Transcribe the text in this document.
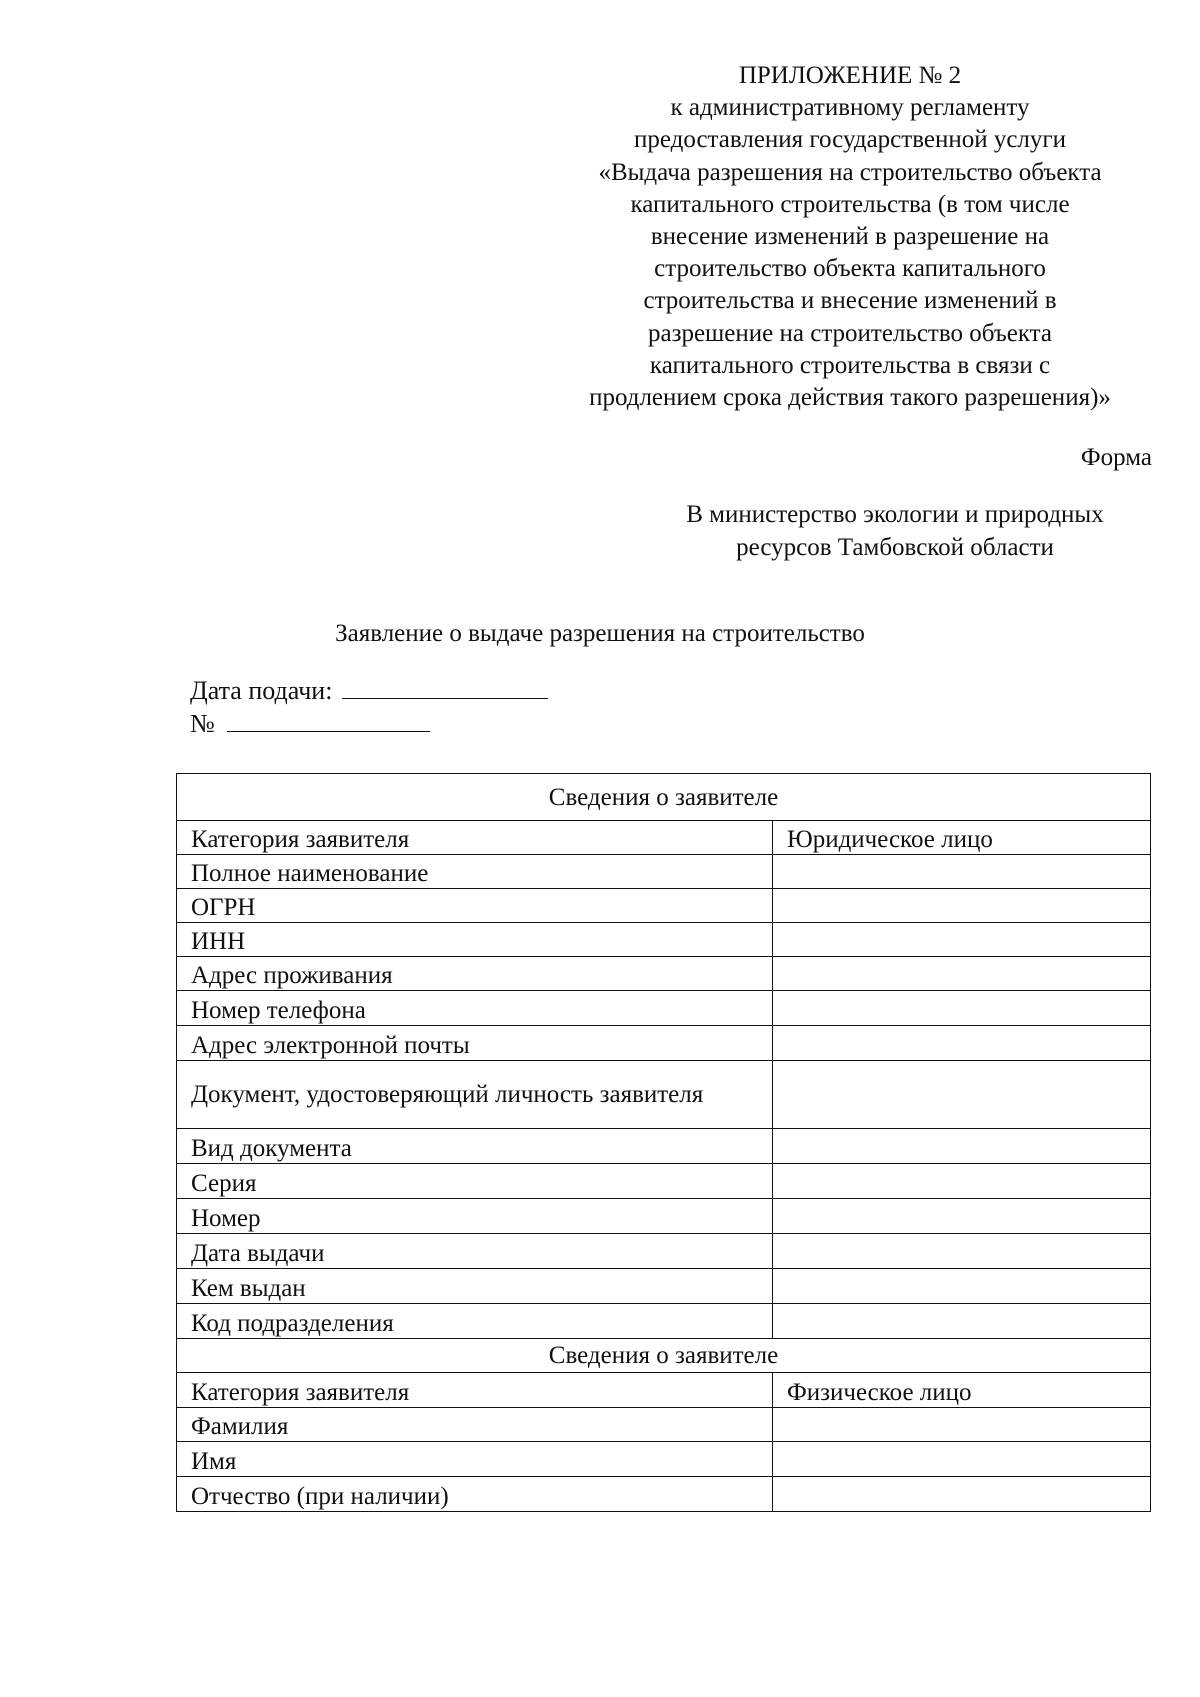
ПРИЛОЖЕНИЕ № 2
к административному регламенту
предоставления государственной услуги
«Выдача разрешения на строительство объекта
капитального строительства (в том числе
внесение изменений в разрешение на
строительство объекта капитального
строительства и внесение изменений в
разрешение на строительство объекта
капитального строительства в связи с
продлением срока действия такого разрешения)»
Форма
В министерство экологии и природных
ресурсов Тамбовской области
Заявление о выдаче разрешения на строительство
Дата подачи:
№
Сведения о заявителе	
Категория заявителя	Юридическое лицо
Полное наименование	
ОГРН	
ИНН	
Адрес проживания	
Номер телефона	
Адрес электронной почты	
Документ, удостоверяющий личность заявителя	
Вид документа	
Серия	
Номер	
Дата выдачи	
Кем выдан	
Код подразделения	
Сведения о заявителе	
Категория заявителя	Физическое лицо
Фамилия	
Имя	
Отчество (при наличии)	
